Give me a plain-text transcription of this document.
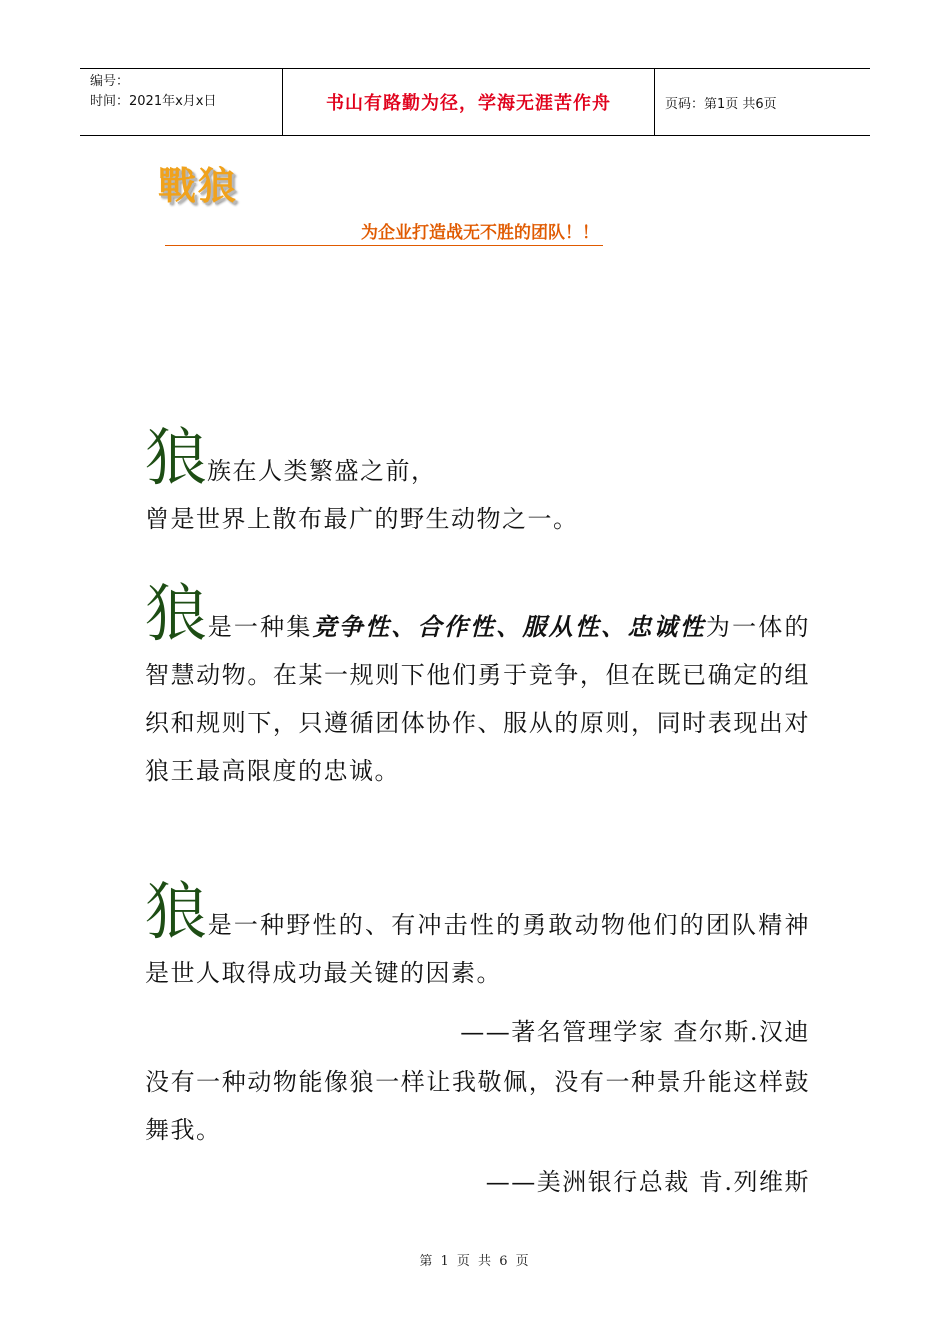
编号：
时间：2021年x月x日	书山有路勤为径，学海无涯苦作舟	页码：第1页 共6页
戰狼
为企业打造战无不胜的团队！！
狼族在人类繁盛之前，
曾是世界上散布最广的野生动物之一。
狼是一种集竞争性、合作性、服从性、忠诚性为一体的智慧动物。在某一规则下他们勇于竞争，但在既已确定的组织和规则下，只遵循团体协作、服从的原则，同时表现出对狼王最高限度的忠诚。
狼是一种野性的、有冲击性的勇敢动物他们的团队精神是世人取得成功最关键的因素。
——著名管理学家 查尔斯.汉迪
没有一种动物能像狼一样让我敬佩，没有一种景升能这样鼓舞我。
——美洲银行总裁 肯.列维斯
第 1 页 共 6 页
